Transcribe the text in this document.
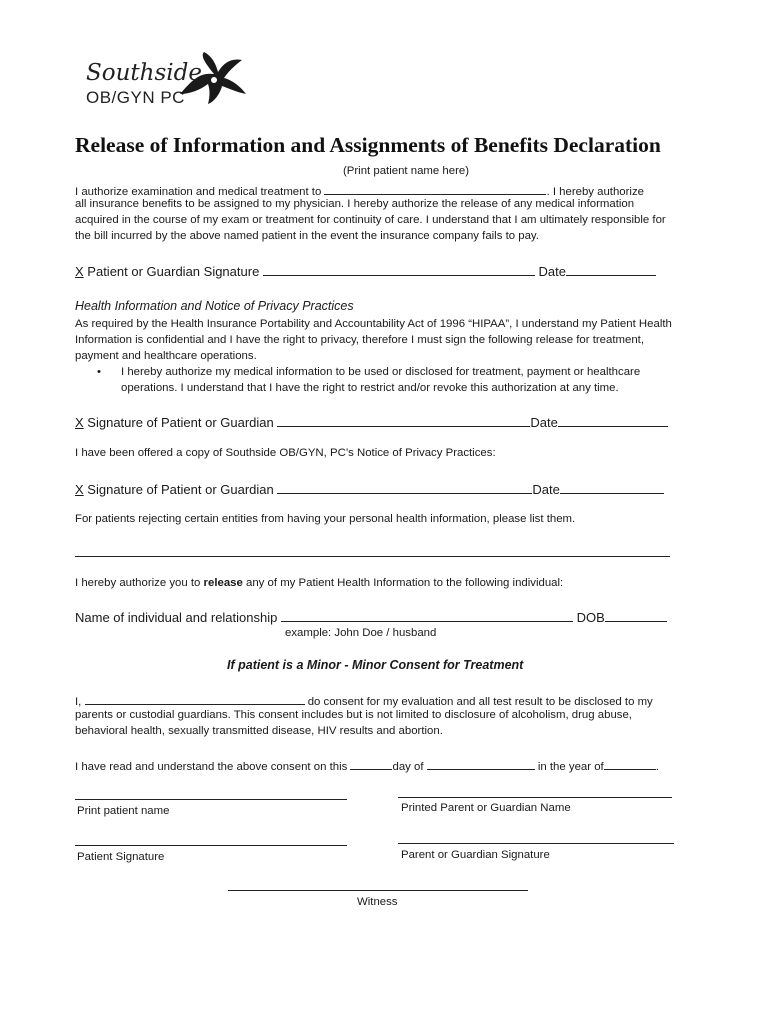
Southside
OB/GYN PC
Release of Information and Assignments of Benefits Declaration
(Print patient name here)
I authorize examination and medical treatment to	. I hereby authorize
all insurance benefits to be assigned to my physician. I hereby authorize the release of any medical information acquired in the course of my exam or treatment for continuity of care. I understand that I am ultimately responsible for the bill incurred by the above named patient in the event the insurance company fails to pay.
X Patient or Guardian Signature	Date
Health Information and Notice of Privacy Practices
As required by the Health Insurance Portability and Accountability Act of 1996 “HIPAA”, I understand my Patient Health Information is confidential and I have the right to privacy, therefore I must sign the following release for treatment, payment and healthcare operations.
• I hereby authorize my medical information to be used or disclosed for treatment, payment or healthcare operations. I understand that I have the right to restrict and/or revoke this authorization at any time.
X Signature of Patient or Guardian	Date
I have been offered a copy of Southside OB/GYN, PC’s Notice of Privacy Practices:
X Signature of Patient or Guardian	Date
For patients rejecting certain entities from having your personal health information, please list them.
I hereby authorize you to release any of my Patient Health Information to the following individual:
Name of individual and relationship	DOB
example: John Doe / husband
If patient is a Minor - Minor Consent for Treatment
I,	do consent for my evaluation and all test result to be disclosed to my
parents or custodial guardians. This consent includes but is not limited to disclosure of alcoholism, drug abuse, behavioral health, sexually transmitted disease, HIV results and abortion.
I have read and understand the above consent on this	day of	in the year of	.
Print patient name	Printed Parent or Guardian Name
Patient Signature	Parent or Guardian Signature
Witness
